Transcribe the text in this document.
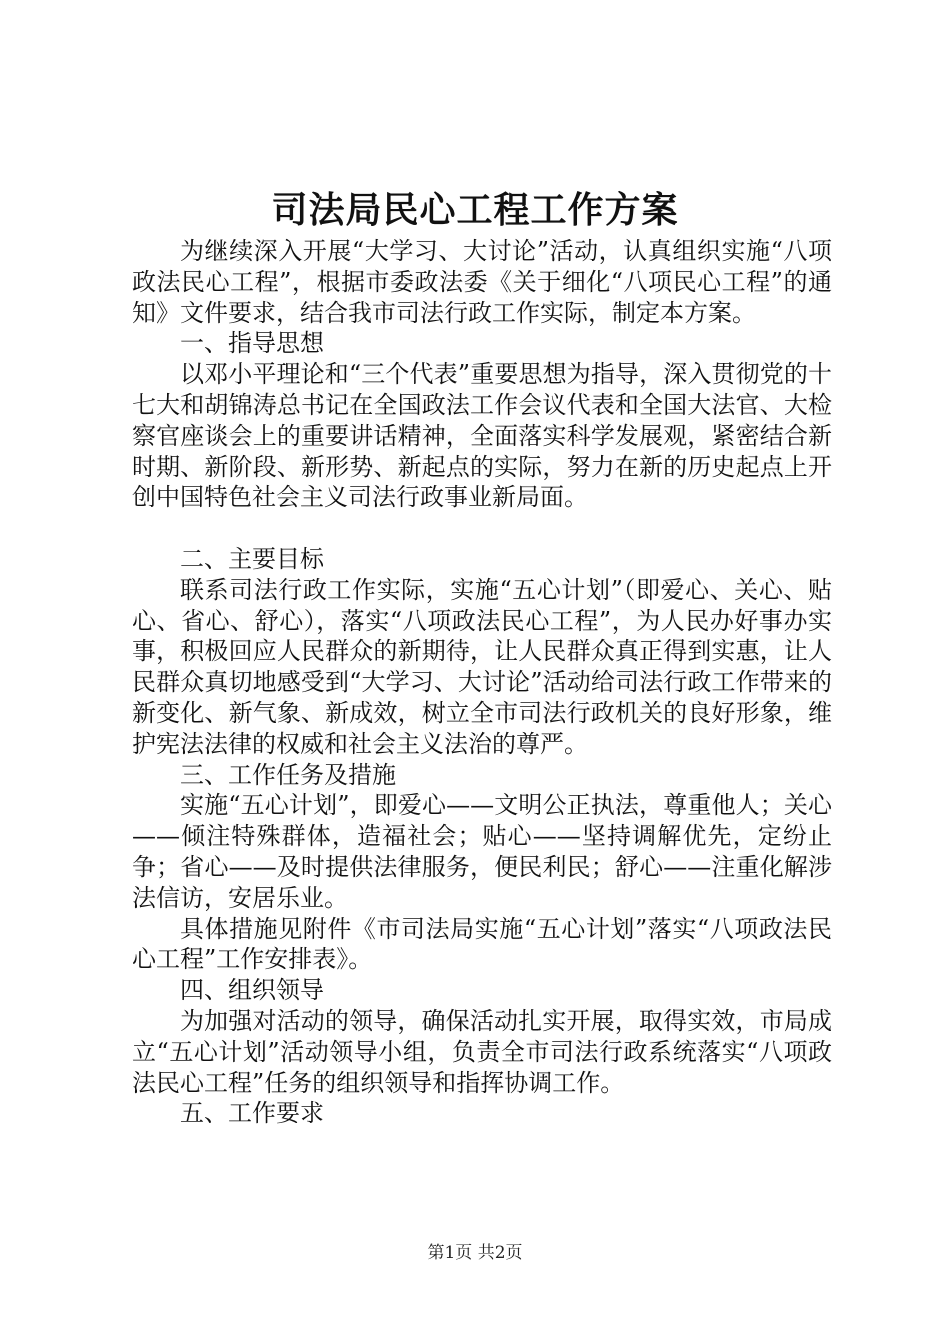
司法局民心工程工作方案

为继续深入开展“大学习、大讨论”活动，认真组织实施“八项政法民心工程”，根据市委政法委《关于细化“八项民心工程”的通知》文件要求，结合我市司法行政工作实际，制定本方案。

一、指导思想

以邓小平理论和“三个代表”重要思想为指导，深入贯彻党的十七大和胡锦涛总书记在全国政法工作会议代表和全国大法官、大检察官座谈会上的重要讲话精神，全面落实科学发展观，紧密结合新时期、新阶段、新形势、新起点的实际，努力在新的历史起点上开创中国特色社会主义司法行政事业新局面。

二、主要目标

联系司法行政工作实际，实施“五心计划”（即爱心、关心、贴心、省心、舒心），落实“八项政法民心工程”，为人民办好事办实事，积极回应人民群众的新期待，让人民群众真正得到实惠，让人民群众真切地感受到“大学习、大讨论”活动给司法行政工作带来的新变化、新气象、新成效，树立全市司法行政机关的良好形象，维护宪法法律的权威和社会主义法治的尊严。

三、工作任务及措施

实施“五心计划”，即爱心——文明公正执法，尊重他人；关心——倾注特殊群体，造福社会；贴心——坚持调解优先，定纷止争；省心——及时提供法律服务，便民利民；舒心——注重化解涉法信访，安居乐业。

具体措施见附件《市司法局实施“五心计划”落实“八项政法民心工程”工作安排表》。

四、组织领导

为加强对活动的领导，确保活动扎实开展，取得实效，市局成立“五心计划”活动领导小组，负责全市司法行政系统落实“八项政法民心工程”任务的组织领导和指挥协调工作。

五、工作要求

第1页 共2页
